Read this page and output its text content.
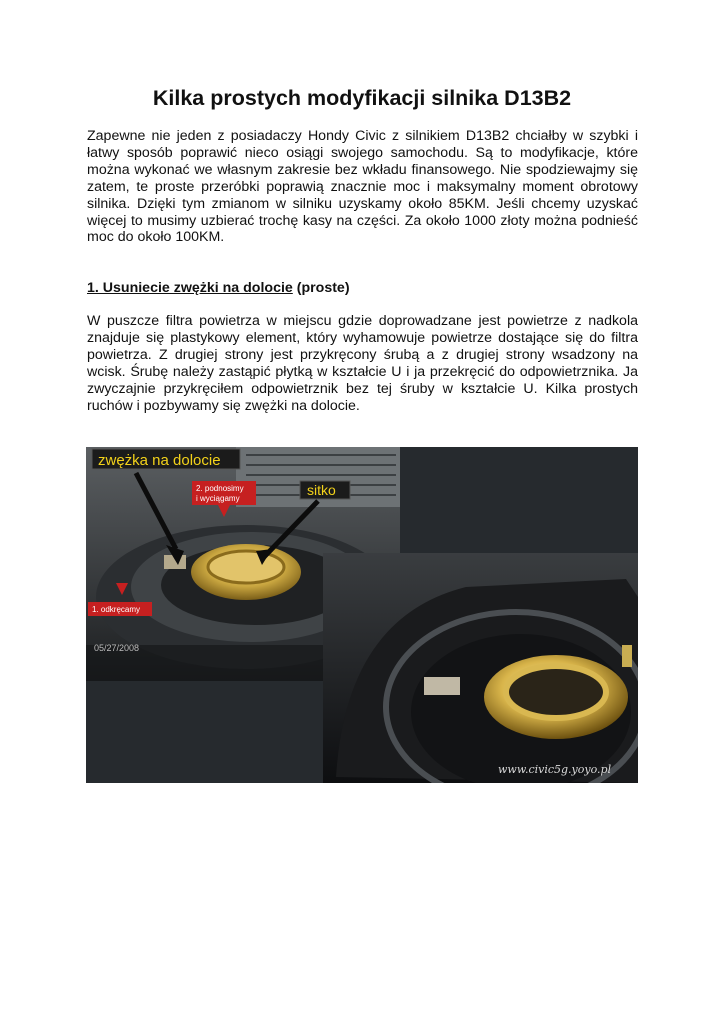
Kilka prostych modyfikacji silnika D13B2

Zapewne nie jeden z posiadaczy Hondy Civic z silnikiem D13B2 chciałby w szybki i łatwy sposób poprawić nieco osiągi swojego samochodu. Są to modyfikacje, które można wykonać we własnym zakresie bez wkładu finansowego. Nie spodziewajmy się zatem, te proste przeróbki poprawią znacznie moc i maksymalny moment obrotowy silnika. Dzięki tym zmianom w silniku uzyskamy około 85KM. Jeśli chcemy uzyskać więcej to musimy uzbierać trochę kasy na części. Za około 1000 złoty można podnieść moc do około 100KM.

1. Usuniecie zwężki na dolocie (proste)

W puszcze filtra powietrza w miejscu gdzie doprowadzane jest powietrze z nadkola znajduje się plastykowy element, który wyhamowuje powietrze dostające się do filtra powietrza. Z drugiej strony jest przykręcony śrubą a z drugiej strony wsadzony na wcisk. Śrubę należy zastąpić płytką w kształcie U i ja przekręcić do odpowietrznika. Ja zwyczajnie przykręciłem odpowietrznik bez tej śruby w kształcie U. Kilka prostych ruchów i pozbywamy się zwężki na dolocie.

05/27/2008
www.civic5g.yoyo.pl
zwężka na dolocie
sitko
2. podnosimy
i wyciągamy
1. odkręcamy
